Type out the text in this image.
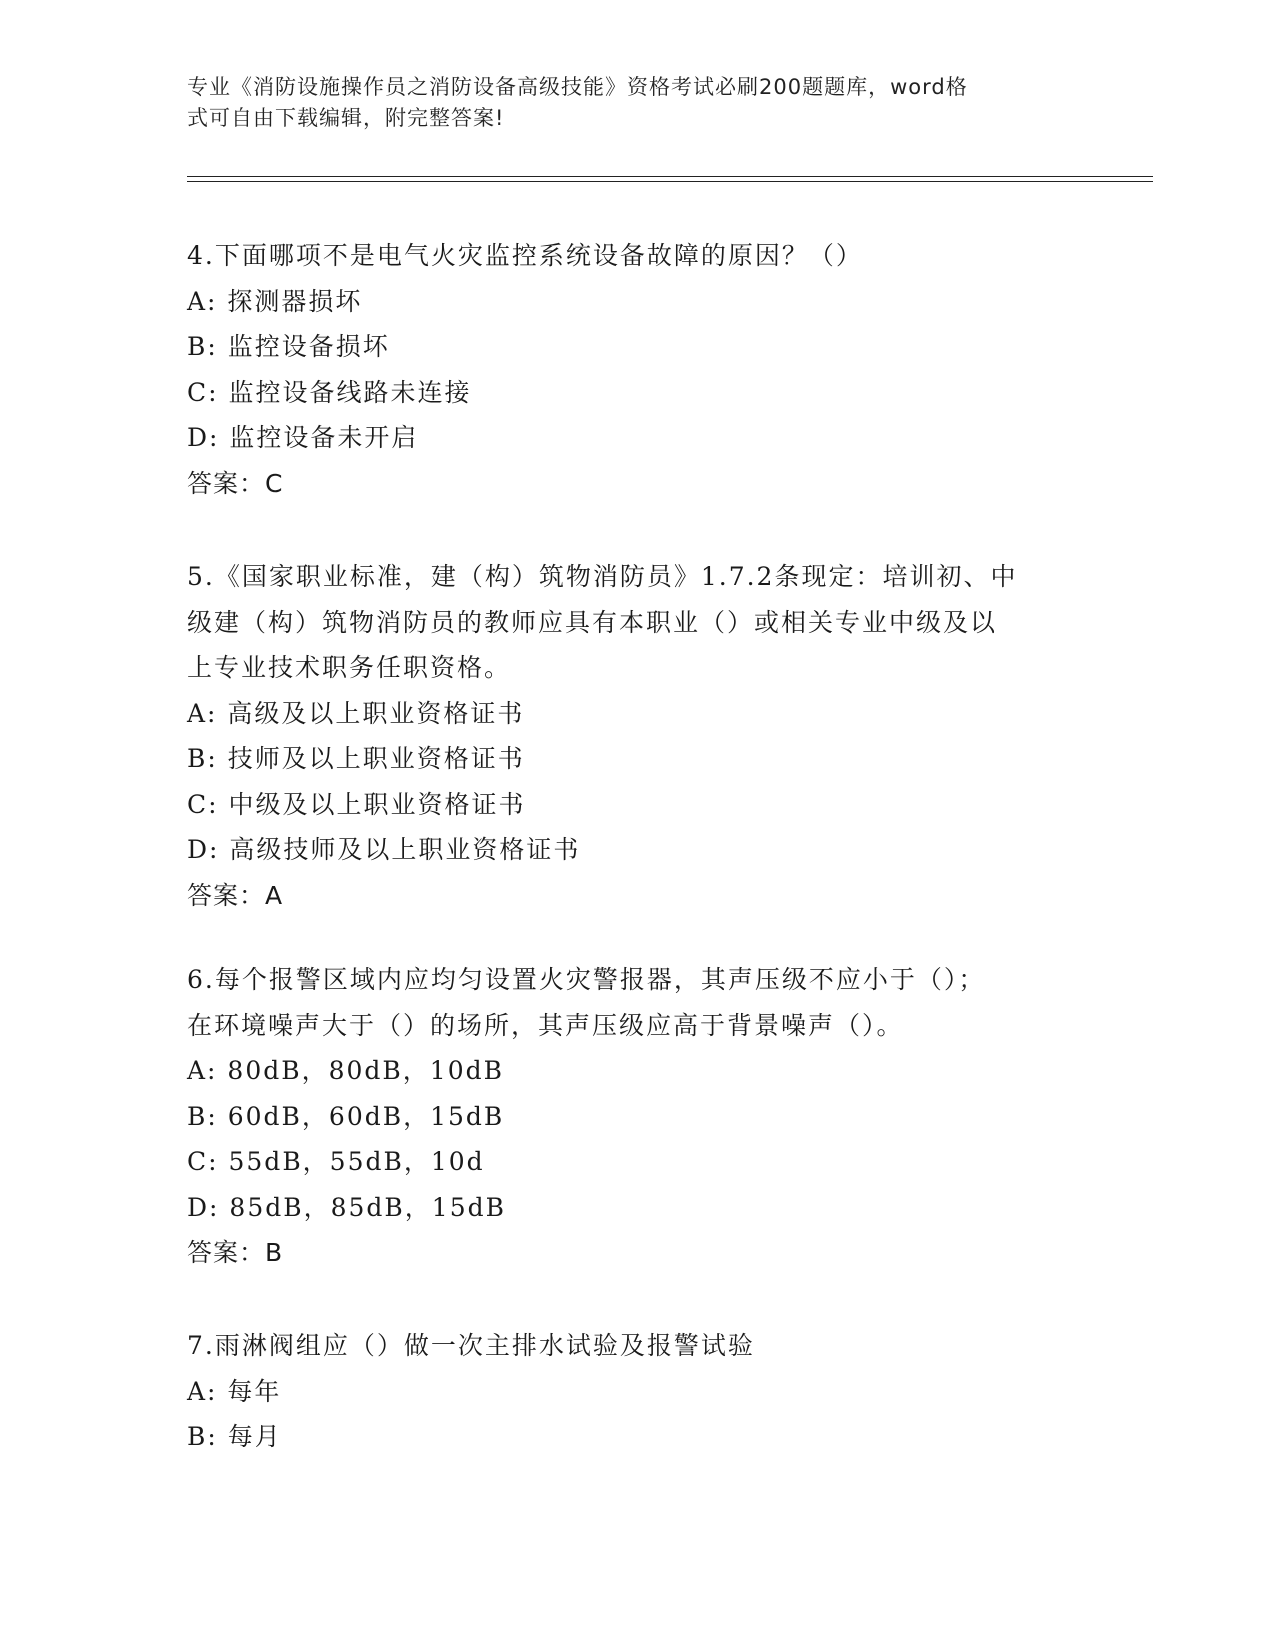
专业《消防设施操作员之消防设备高级技能》资格考试必刷200题题库，word格
式可自由下载编辑，附完整答案!
4.下面哪项不是电气火灾监控系统设备故障的原因？（）
A: 探测器损坏
B: 监控设备损坏
C: 监控设备线路未连接
D: 监控设备未开启
答案：C
5.《国家职业标准，建（构）筑物消防员》1.7.2条现定：培训初、中
级建（构）筑物消防员的教师应具有本职业（）或相关专业中级及以
上专业技术职务任职资格。
A: 高级及以上职业资格证书
B: 技师及以上职业资格证书
C: 中级及以上职业资格证书
D: 高级技师及以上职业资格证书
答案：A
6.每个报警区域内应均匀设置火灾警报器，其声压级不应小于（）；
在环境噪声大于（）的场所，其声压级应高于背景噪声（）。
A: 80dB，80dB，10dB
B: 60dB，60dB，15dB
C: 55dB，55dB，10d
D: 85dB，85dB，15dB
答案：B
7.雨淋阀组应（）做一次主排水试验及报警试验
A: 每年
B: 每月
